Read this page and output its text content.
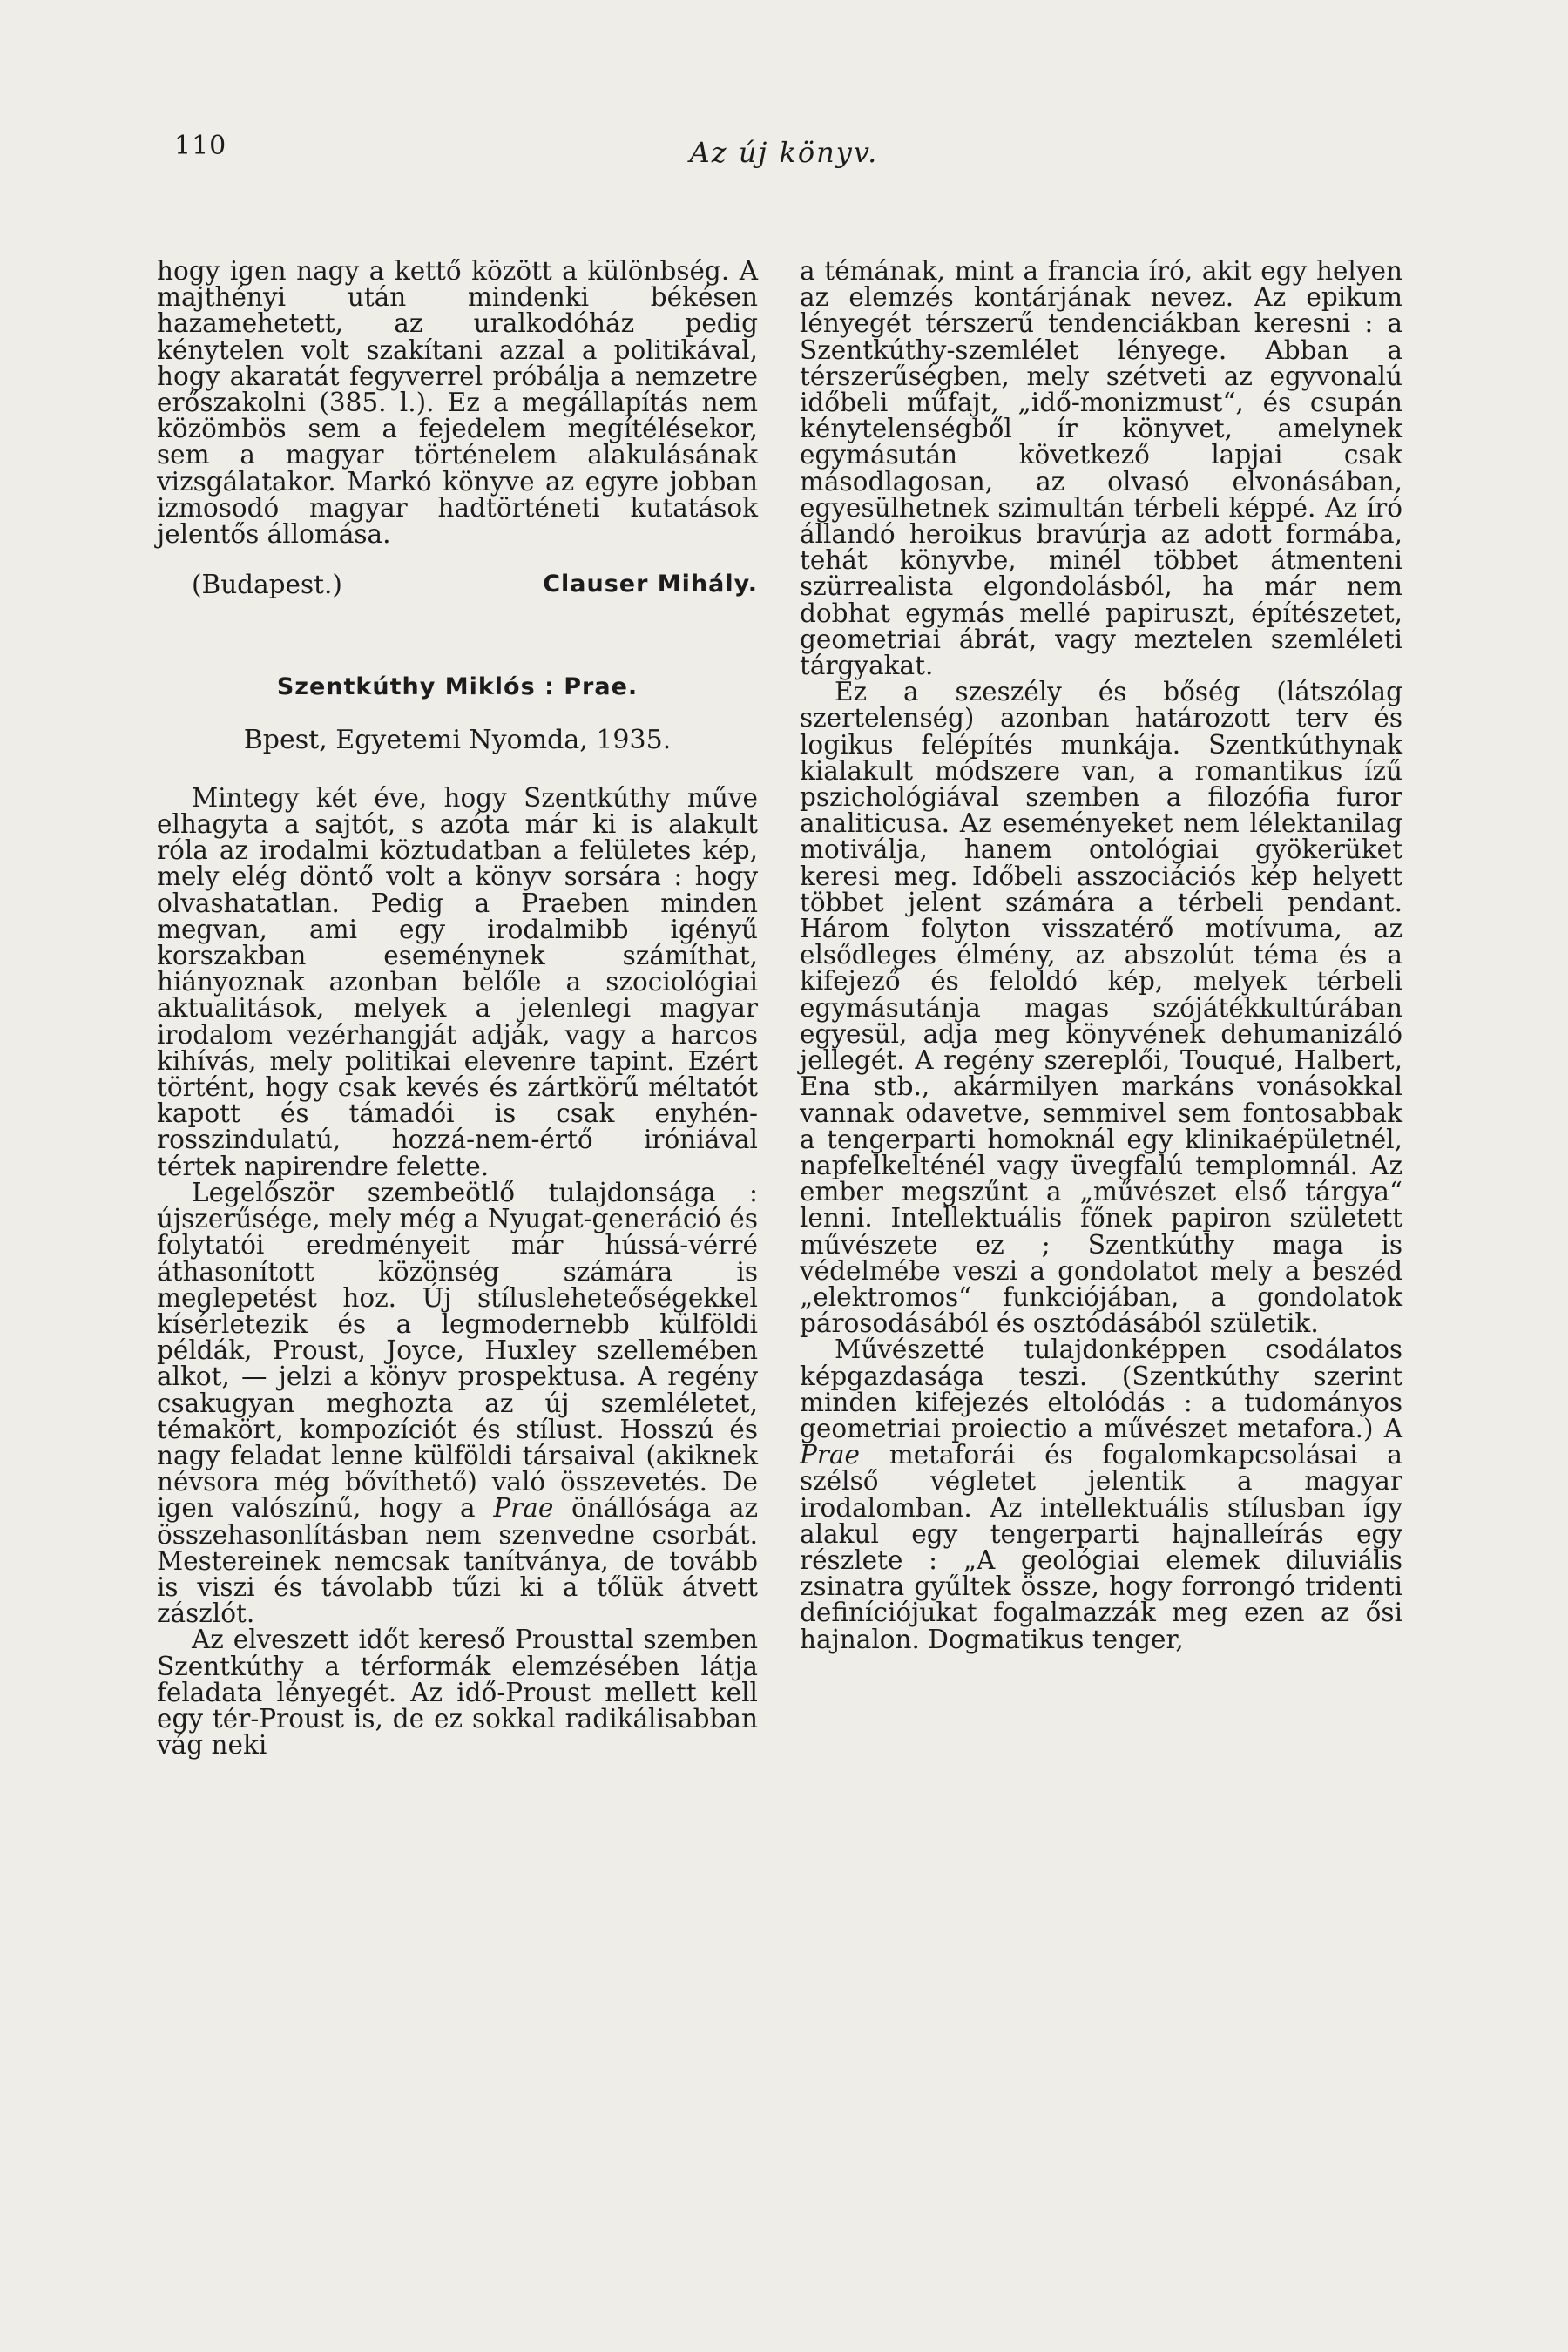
110	Az új könyv.

hogy igen nagy a kettő között a különbség. A majthényi után mindenki békésen hazamehetett, az uralkodóház pedig kénytelen volt szakítani azzal a politikával, hogy akaratát fegyverrel próbálja a nemzetre erőszakolni (385. l.). Ez a megállapítás nem közömbös sem a fejedelem megítélésekor, sem a magyar történelem alakulásának vizsgálatakor. Markó könyve az egyre jobban izmosodó magyar hadtörténeti kutatások jelentős állomása.

(Budapest.)	Clauser Mihály.
Szentkúthy Miklós : Prae.
Bpest, Egyetemi Nyomda, 1935.

Mintegy két éve, hogy Szentkúthy műve elhagyta a sajtót, s azóta már ki is alakult róla az irodalmi köztudatban a felületes kép, mely elég döntő volt a könyv sorsára : hogy olvashatatlan. Pedig a Praeben minden megvan, ami egy irodalmibb igényű korszakban eseménynek számíthat, hiányoznak azonban belőle a szociológiai aktualitások, melyek a jelenlegi magyar irodalom vezérhangját adják, vagy a harcos kihívás, mely politikai elevenre tapint. Ezért történt, hogy csak kevés és zártkörű méltatót kapott és támadói is csak enyhén-rosszindulatú, hozzá-nem-értő iróniával tértek napirendre felette.

Legelőször szembeötlő tulajdonsága : újszerűsége, mely még a Nyugat-generáció és folytatói eredményeit már hússá-vérré áthasonított közönség számára is meglepetést hoz. Új stílusleheteőségekkel kísérletezik és a legmodernebb külföldi példák, Proust, Joyce, Huxley szellemében alkot, — jelzi a könyv prospektusa. A regény csakugyan meghozta az új szemléletet, témakört, kompozíciót és stílust. Hosszú és nagy feladat lenne külföldi társaival (akiknek névsora még bővíthető) való összevetés. De igen valószínű, hogy a Prae önállósága az összehasonlításban nem szenvedne csorbát. Mestereinek nemcsak tanítványa, de tovább is viszi és távolabb tűzi ki a tőlük átvett zászlót.

Az elveszett időt kereső Prousttal szemben Szentkúthy a térformák elemzésében látja feladata lényegét. Az idő-Proust mellett kell egy tér-Proust is, de ez sokkal radikálisabban vág neki

a témának, mint a francia író, akit egy helyen az elemzés kontárjának nevez. Az epikum lényegét térszerű tendenciákban keresni : a Szentkúthy-szemlélet lényege. Abban a térszerűségben, mely szétveti az egyvonalú időbeli műfajt, „idő-monizmust“, és csupán kénytelenségből ír könyvet, amelynek egymásután következő lapjai csak másodlagosan, az olvasó elvonásában, egyesülhetnek szimultán térbeli képpé. Az író állandó heroikus bravúrja az adott formába, tehát könyvbe, minél többet átmenteni szürrealista elgondolásból, ha már nem dobhat egymás mellé papiruszt, építészetet, geometriai ábrát, vagy meztelen szemléleti tárgyakat.

Ez a szeszély és bőség (látszólag szertelenség) azonban határozott terv és logikus felépítés munkája. Szentkúthynak kialakult módszere van, a romantikus ízű pszichológiával szemben a filozófia furor analiticusa. Az eseményeket nem lélektanilag motiválja, hanem ontológiai gyökerüket keresi meg. Időbeli asszociációs kép helyett többet jelent számára a térbeli pendant. Három folyton visszatérő motívuma, az elsődleges élmény, az abszolút téma és a kifejező és feloldó kép, melyek térbeli egymásutánja magas szójátékkultúrában egyesül, adja meg könyvének dehumanizáló jellegét. A regény szereplői, Touqué, Halbert, Ena stb., akármilyen markáns vonásokkal vannak odavetve, semmivel sem fontosabbak a tengerparti homoknál egy klinikaépületnél, napfelkelténél vagy üvegfalú templomnál. Az ember megszűnt a „művészet első tárgya“ lenni. Intellektuális főnek papiron született művészete ez ; Szentkúthy maga is védelmébe veszi a gondolatot mely a beszéd „elektromos“ funkciójában, a gondolatok párosodásából és osztódásából születik.

Művészetté tulajdonképpen csodálatos képgazdasága teszi. (Szentkúthy szerint minden kifejezés eltolódás : a tudományos geometriai proiectio a művészet metafora.) A Prae metaforái és fogalomkapcsolásai a szélső végletet jelentik a magyar irodalomban. Az intellektuális stílusban így alakul egy tengerparti hajnalleírás egy részlete : „A geológiai elemek diluviális zsinatra gyűltek össze, hogy forrongó tridenti definíciójukat fogalmazzák meg ezen az ősi hajnalon. Dogmatikus tenger,
